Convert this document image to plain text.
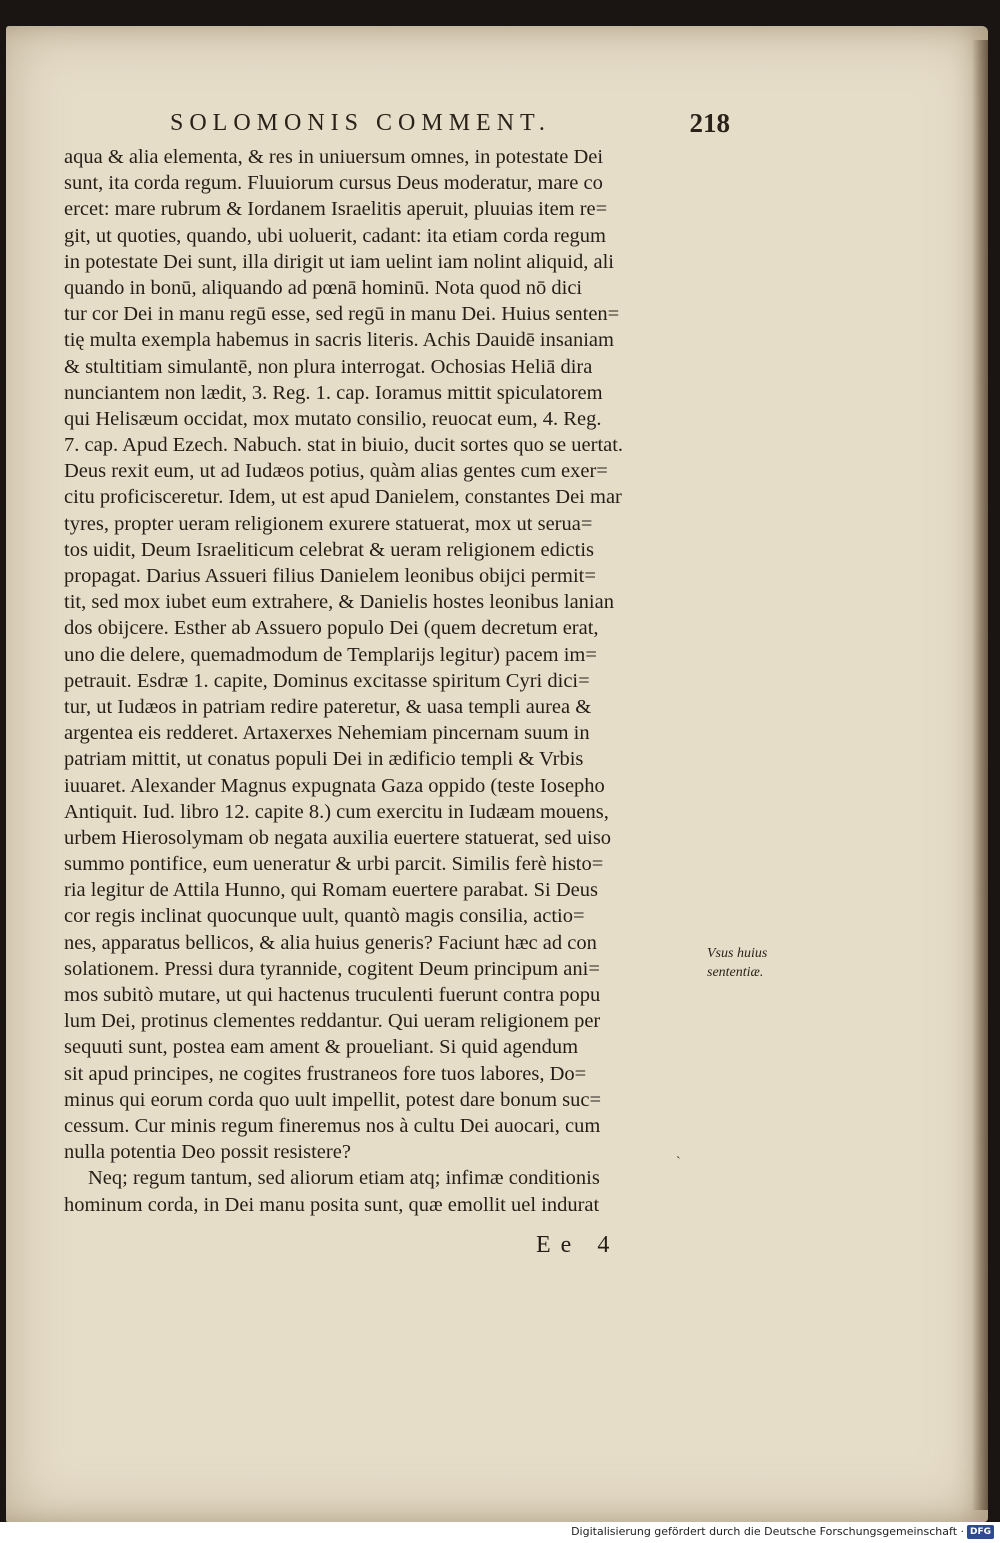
SOLOMONIS COMMENT.	218
aqua & alia elementa, & res in uniuersum omnes, in potestate Dei
sunt, ita corda regum. Fluuiorum cursus Deus moderatur, mare co
ercet: mare rubrum & Iordanem Israelitis aperuit, pluuias item re=
git, ut quoties, quando, ubi uoluerit, cadant: ita etiam corda regum
in potestate Dei sunt, illa dirigit ut iam uelint iam nolint aliquid, ali
quando in bonū, aliquando ad pœnā hominū. Nota quod nō dici
tur cor Dei in manu regū esse, sed regū in manu Dei. Huius senten=
tię multa exempla habemus in sacris literis. Achis Dauidē insaniam
& stultitiam simulantē, non plura interrogat. Ochosias Heliā dira
nunciantem non lædit, 3. Reg. 1. cap. Ioramus mittit spiculatorem
qui Helisæum occidat, mox mutato consilio, reuocat eum, 4. Reg.
7. cap. Apud Ezech. Nabuch. stat in biuio, ducit sortes quo se uertat.
Deus rexit eum, ut ad Iudæos potius, quàm alias gentes cum exer=
citu proficisceretur. Idem, ut est apud Danielem, constantes Dei mar
tyres, propter ueram religionem exurere statuerat, mox ut serua=
tos uidit, Deum Israeliticum celebrat & ueram religionem edictis
propagat. Darius Assueri filius Danielem leonibus obijci permit=
tit, sed mox iubet eum extrahere, & Danielis hostes leonibus lanian
dos obijcere. Esther ab Assuero populo Dei (quem decretum erat,
uno die delere, quemadmodum de Templarijs legitur) pacem im=
petrauit. Esdræ 1. capite, Dominus excitasse spiritum Cyri dici=
tur, ut Iudæos in patriam redire pateretur, & uasa templi aurea &
argentea eis redderet. Artaxerxes Nehemiam pincernam suum in
patriam mittit, ut conatus populi Dei in ædificio templi & Vrbis
iuuaret. Alexander Magnus expugnata Gaza oppido (teste Iosepho
Antiquit. Iud. libro 12. capite 8.) cum exercitu in Iudæam mouens,
urbem Hierosolymam ob negata auxilia euertere statuerat, sed uiso
summo pontifice, eum ueneratur & urbi parcit. Similis ferè histo=
ria legitur de Attila Hunno, qui Romam euertere parabat. Si Deus
cor regis inclinat quocunque uult, quantò magis consilia, actio=
nes, apparatus bellicos, & alia huius generis? Faciunt hæc ad con
solationem. Pressi dura tyrannide, cogitent Deum principum ani=
mos subitò mutare, ut qui hactenus truculenti fuerunt contra popu
lum Dei, protinus clementes reddantur. Qui ueram religionem per
sequuti sunt, postea eam ament & proueliant. Si quid agendum
sit apud principes, ne cogites frustraneos fore tuos labores, Do=
minus qui eorum corda quo uult impellit, potest dare bonum suc=
cessum. Cur minis regum fineremus nos à cultu Dei auocari, cum
nulla potentia Deo possit resistere?
Neq; regum tantum, sed aliorum etiam atq; infimæ conditionis
hominum corda, in Dei manu posita sunt, quæ emollit uel indurat
Vsus huius
sententiæ.
ˋ
Ee 4
Digitalisierung gefördert durch die Deutsche Forschungsgemeinschaft · DFG
